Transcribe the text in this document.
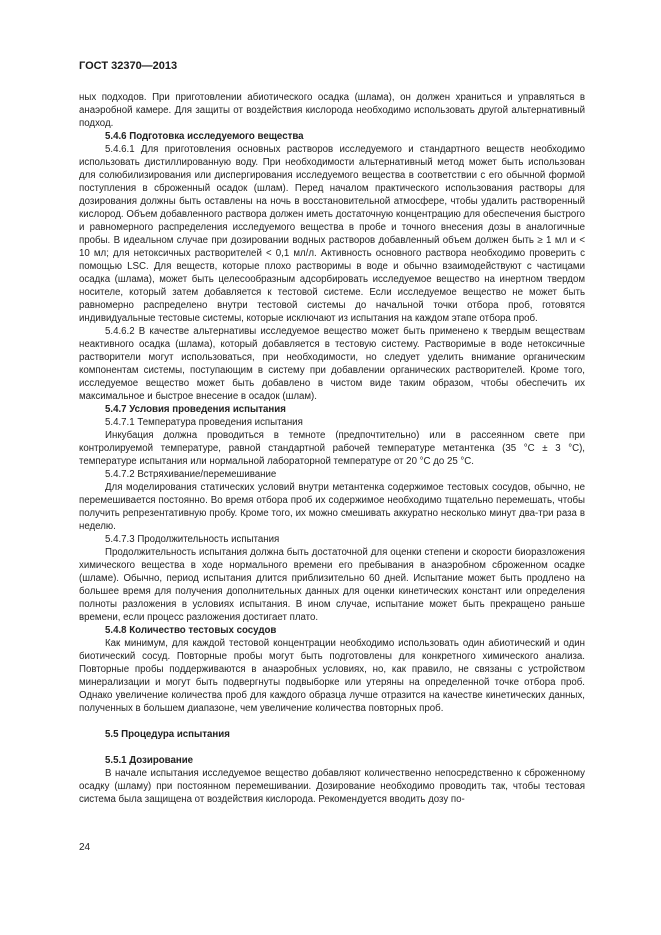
ГОСТ 32370—2013

ных подходов. При приготовлении абиотического осадка (шлама), он должен храниться и управляться в анаэробной камере. Для защиты от воздействия кислорода необходимо использовать другой альтернативный подход.

5.4.6 Подготовка исследуемого вещества

5.4.6.1 Для приготовления основных растворов исследуемого и стандартного веществ необходимо использовать дистиллированную воду. При необходимости альтернативный метод может быть использован для солюбилизирования или диспергирования исследуемого вещества в соответствии с его обычной формой поступления в сброженный осадок (шлам). Перед началом практического использования растворы для дозирования должны быть оставлены на ночь в восстановительной атмосфере, чтобы удалить растворенный кислород. Объем добавленного раствора должен иметь достаточную концентрацию для обеспечения быстрого и равномерного распределения исследуемого вещества в пробе и точного внесения дозы в аналогичные пробы. В идеальном случае при дозировании водных растворов добавленный объем должен быть ≥ 1 мл и < 10 мл; для нетоксичных растворителей < 0,1 мл/л. Активность основного раствора необходимо проверить с помощью LSC. Для веществ, которые плохо растворимы в воде и обычно взаимодействуют с частицами осадка (шлама), может быть целесообразным адсорбировать исследуемое вещество на инертном твердом носителе, который затем добавляется к тестовой системе. Если исследуемое вещество не может быть равномерно распределено внутри тестовой системы до начальной точки отбора проб, готовятся индивидуальные тестовые системы, которые исключают из испытания на каждом этапе отбора проб.

5.4.6.2 В качестве альтернативы исследуемое вещество может быть применено к твердым веществам неактивного осадка (шлама), который добавляется в тестовую систему. Растворимые в воде нетоксичные растворители могут использоваться, при необходимости, но следует уделить внимание органическим компонентам системы, поступающим в систему при добавлении органических растворителей. Кроме того, исследуемое вещество может быть добавлено в чистом виде таким образом, чтобы обеспечить их максимальное и быстрое внесение в осадок (шлам).

5.4.7 Условия проведения испытания

5.4.7.1 Температура проведения испытания

Инкубация должна проводиться в темноте (предпочтительно) или в рассеянном свете при контролируемой температуре, равной стандартной рабочей температуре метантенка (35 °С ± 3 °С), температуре испытания или нормальной лабораторной температуре от 20 °С до 25 °С.

5.4.7.2 Встряхивание/перемешивание

Для моделирования статических условий внутри метантенка содержимое тестовых сосудов, обычно, не перемешивается постоянно. Во время отбора проб их содержимое необходимо тщательно перемешать, чтобы получить репрезентативную пробу. Кроме того, их можно смешивать аккуратно несколько минут два-три раза в неделю.

5.4.7.3 Продолжительность испытания

Продолжительность испытания должна быть достаточной для оценки степени и скорости биоразложения химического вещества в ходе нормального времени его пребывания в анаэробном сброженном осадке (шламе). Обычно, период испытания длится приблизительно 60 дней. Испытание может быть продлено на большее время для получения дополнительных данных для оценки кинетических констант или определения полноты разложения в условиях испытания. В ином случае, испытание может быть прекращено раньше времени, если процесс разложения достигает плато.

5.4.8 Количество тестовых сосудов

Как минимум, для каждой тестовой концентрации необходимо использовать один абиотический и один биотический сосуд. Повторные пробы могут быть подготовлены для конкретного химического анализа. Повторные пробы поддерживаются в анаэробных условиях, но, как правило, не связаны с устройством минерализации и могут быть подвергнуты подвыборке или утеряны на определенной точке отбора проб. Однако увеличение количества проб для каждого образца лучше отразится на качестве кинетических данных, полученных в большем диапазоне, чем увеличение количества повторных проб.

5.5 Процедура испытания

5.5.1 Дозирование

В начале испытания исследуемое вещество добавляют количественно непосредственно к сброженному осадку (шламу) при постоянном перемешивании. Дозирование необходимо проводить так, чтобы тестовая система была защищена от воздействия кислорода. Рекомендуется вводить дозу по-

24
